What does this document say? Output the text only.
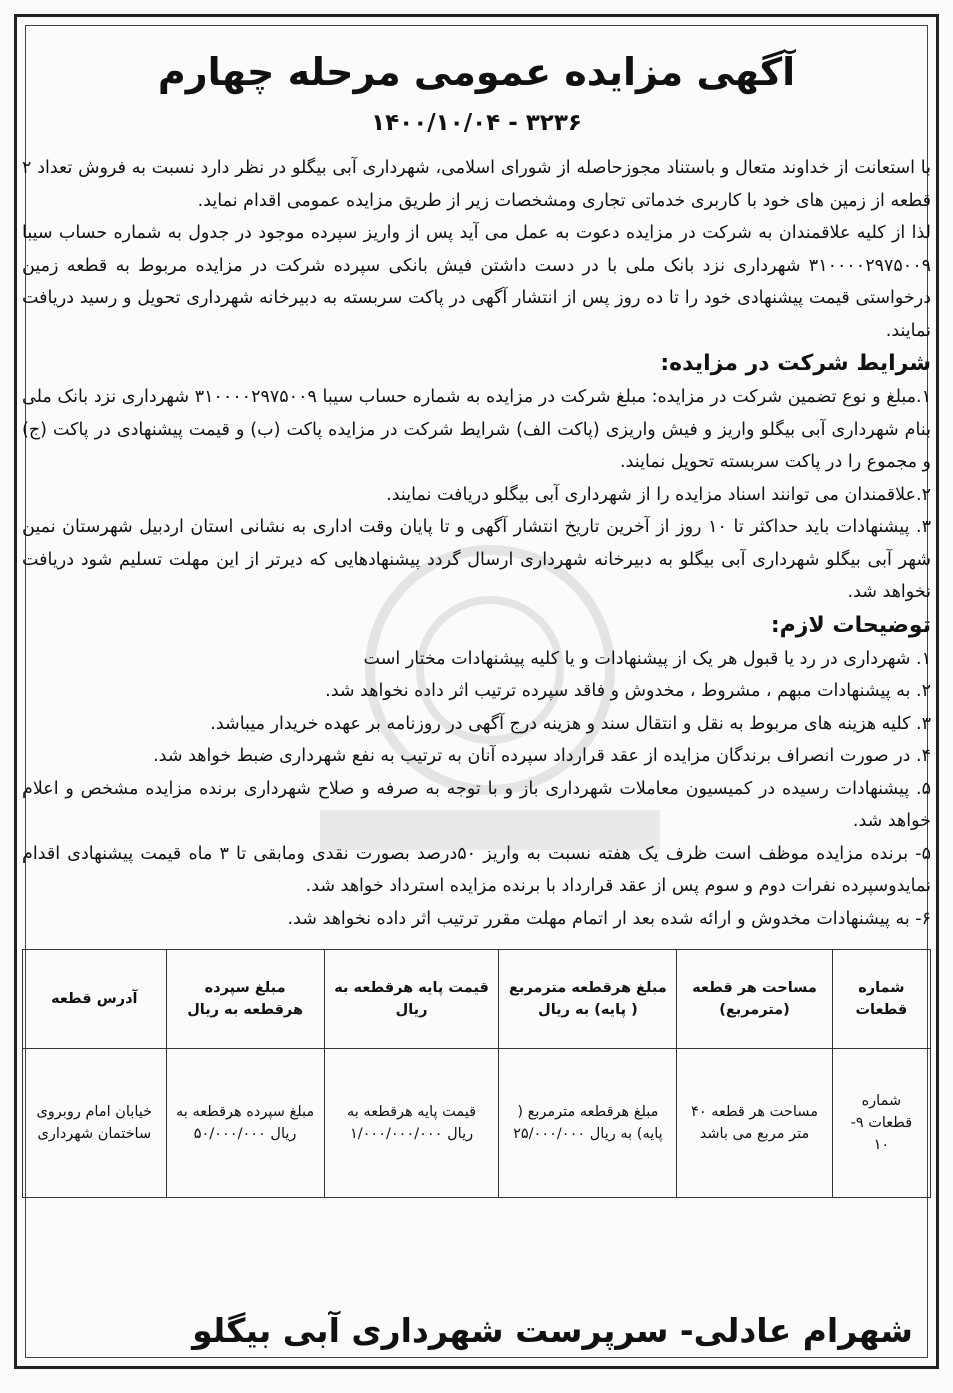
آگهی مزایده عمومی مرحله چهارم
۳۲۳۶ - ۱۴۰۰/۱۰/۰۴

با استعانت از خداوند متعال و باستناد مجوزحاصله از شورای اسلامی، شهرداری آبی بیگلو در نظر دارد نسبت به فروش تعداد ۲ قطعه از زمین های خود با کاربری خدماتی تجاری ومشخصات زیر از طریق مزایده عمومی اقدام نماید.

لذا از کلیه علاقمندان به شرکت در مزایده دعوت به عمل می آید پس از واریز سپرده موجود در جدول به شماره حساب سیبا ۳۱۰۰۰۰۲۹۷۵۰۰۹ شهرداری نزد بانک ملی با در دست داشتن فیش بانکی سپرده شرکت در مزایده مربوط به قطعه زمین درخواستی قیمت پیشنهادی خود را تا ده روز پس از انتشار آگهی در پاکت سربسته به دبیرخانه شهرداری تحویل و رسید دریافت نمایند.

شرایط شرکت در مزایده:
۱.مبلغ و نوع تضمین شرکت در مزایده: مبلغ شرکت در مزایده به شماره حساب سیبا ۳۱۰۰۰۰۲۹۷۵۰۰۹ شهرداری نزد بانک ملی بنام شهرداری آبی بیگلو واریز و فیش واریزی (پاکت الف) شرایط شرکت در مزایده پاکت (ب) و قیمت پیشنهادی در پاکت (ج) و مجموع را در پاکت سربسته تحویل نمایند.
۲.علاقمندان می توانند اسناد مزایده را از شهرداری آبی بیگلو دریافت نمایند.
۳. پیشنهادات باید حداکثر تا ۱۰ روز از آخرین تاریخ انتشار آگهی و تا پایان وقت اداری به نشانی استان اردبیل شهرستان نمین شهر آبی بیگلو شهرداری آبی بیگلو به دبیرخانه شهرداری ارسال گردد پیشنهادهایی که دیرتر از این مهلت تسلیم شود دریافت نخواهد شد.
توضیحات لازم:
۱. شهرداری در رد یا قبول هر یک از پیشنهادات و یا کلیه پیشنهادات مختار است
۲. به پیشنهادات مبهم ، مشروط ، مخدوش و فاقد سپرده ترتیب اثر داده نخواهد شد.
۳. کلیه هزینه های مربوط به نقل و انتقال سند و هزینه درج آگهی در روزنامه بر عهده خریدار میباشد.
۴. در صورت انصراف برندگان مزایده از عقد قرارداد سپرده آنان به ترتیب به نفع شهرداری ضبط خواهد شد.
۵. پیشنهادات رسیده در کمیسیون معاملات شهرداری باز و با توجه به صرفه و صلاح شهرداری برنده مزایده مشخص و اعلام خواهد شد.
۵- برنده مزایده موظف است ظرف یک هفته نسبت به واریز ۵۰درصد بصورت نقدی ومابقی تا ۳ ماه قیمت پیشنهادی اقدام نمایدوسپرده نفرات دوم و سوم پس از عقد قرارداد با برنده مزایده استرداد خواهد شد.
۶- به پیشنهادات مخدوش و ارائه شده بعد ار اتمام مهلت مقرر ترتیب اثر داده نخواهد شد.
شماره قطعات	مساحت هر قطعه (مترمربع)	مبلغ هرقطعه مترمربع ( پایه) به ریال	قیمت پایه هرقطعه به ریال	مبلغ سپرده هرقطعه به ریال	آدرس قطعه
شماره قطعات ۹- ۱۰	مساحت هر قطعه ۴۰ متر مربع می باشد	مبلغ هرقطعه مترمربع ( پایه) به ریال ۲۵/۰۰۰/۰۰۰	قیمت پایه هرقطعه به ریال ۱/۰۰۰/۰۰۰/۰۰۰	مبلغ سپرده هرقطعه به ریال ۵۰/۰۰۰/۰۰۰	خیابان امام روبروی ساختمان شهرداری
شهرام عادلی- سرپرست شهرداری آبی بیگلو
